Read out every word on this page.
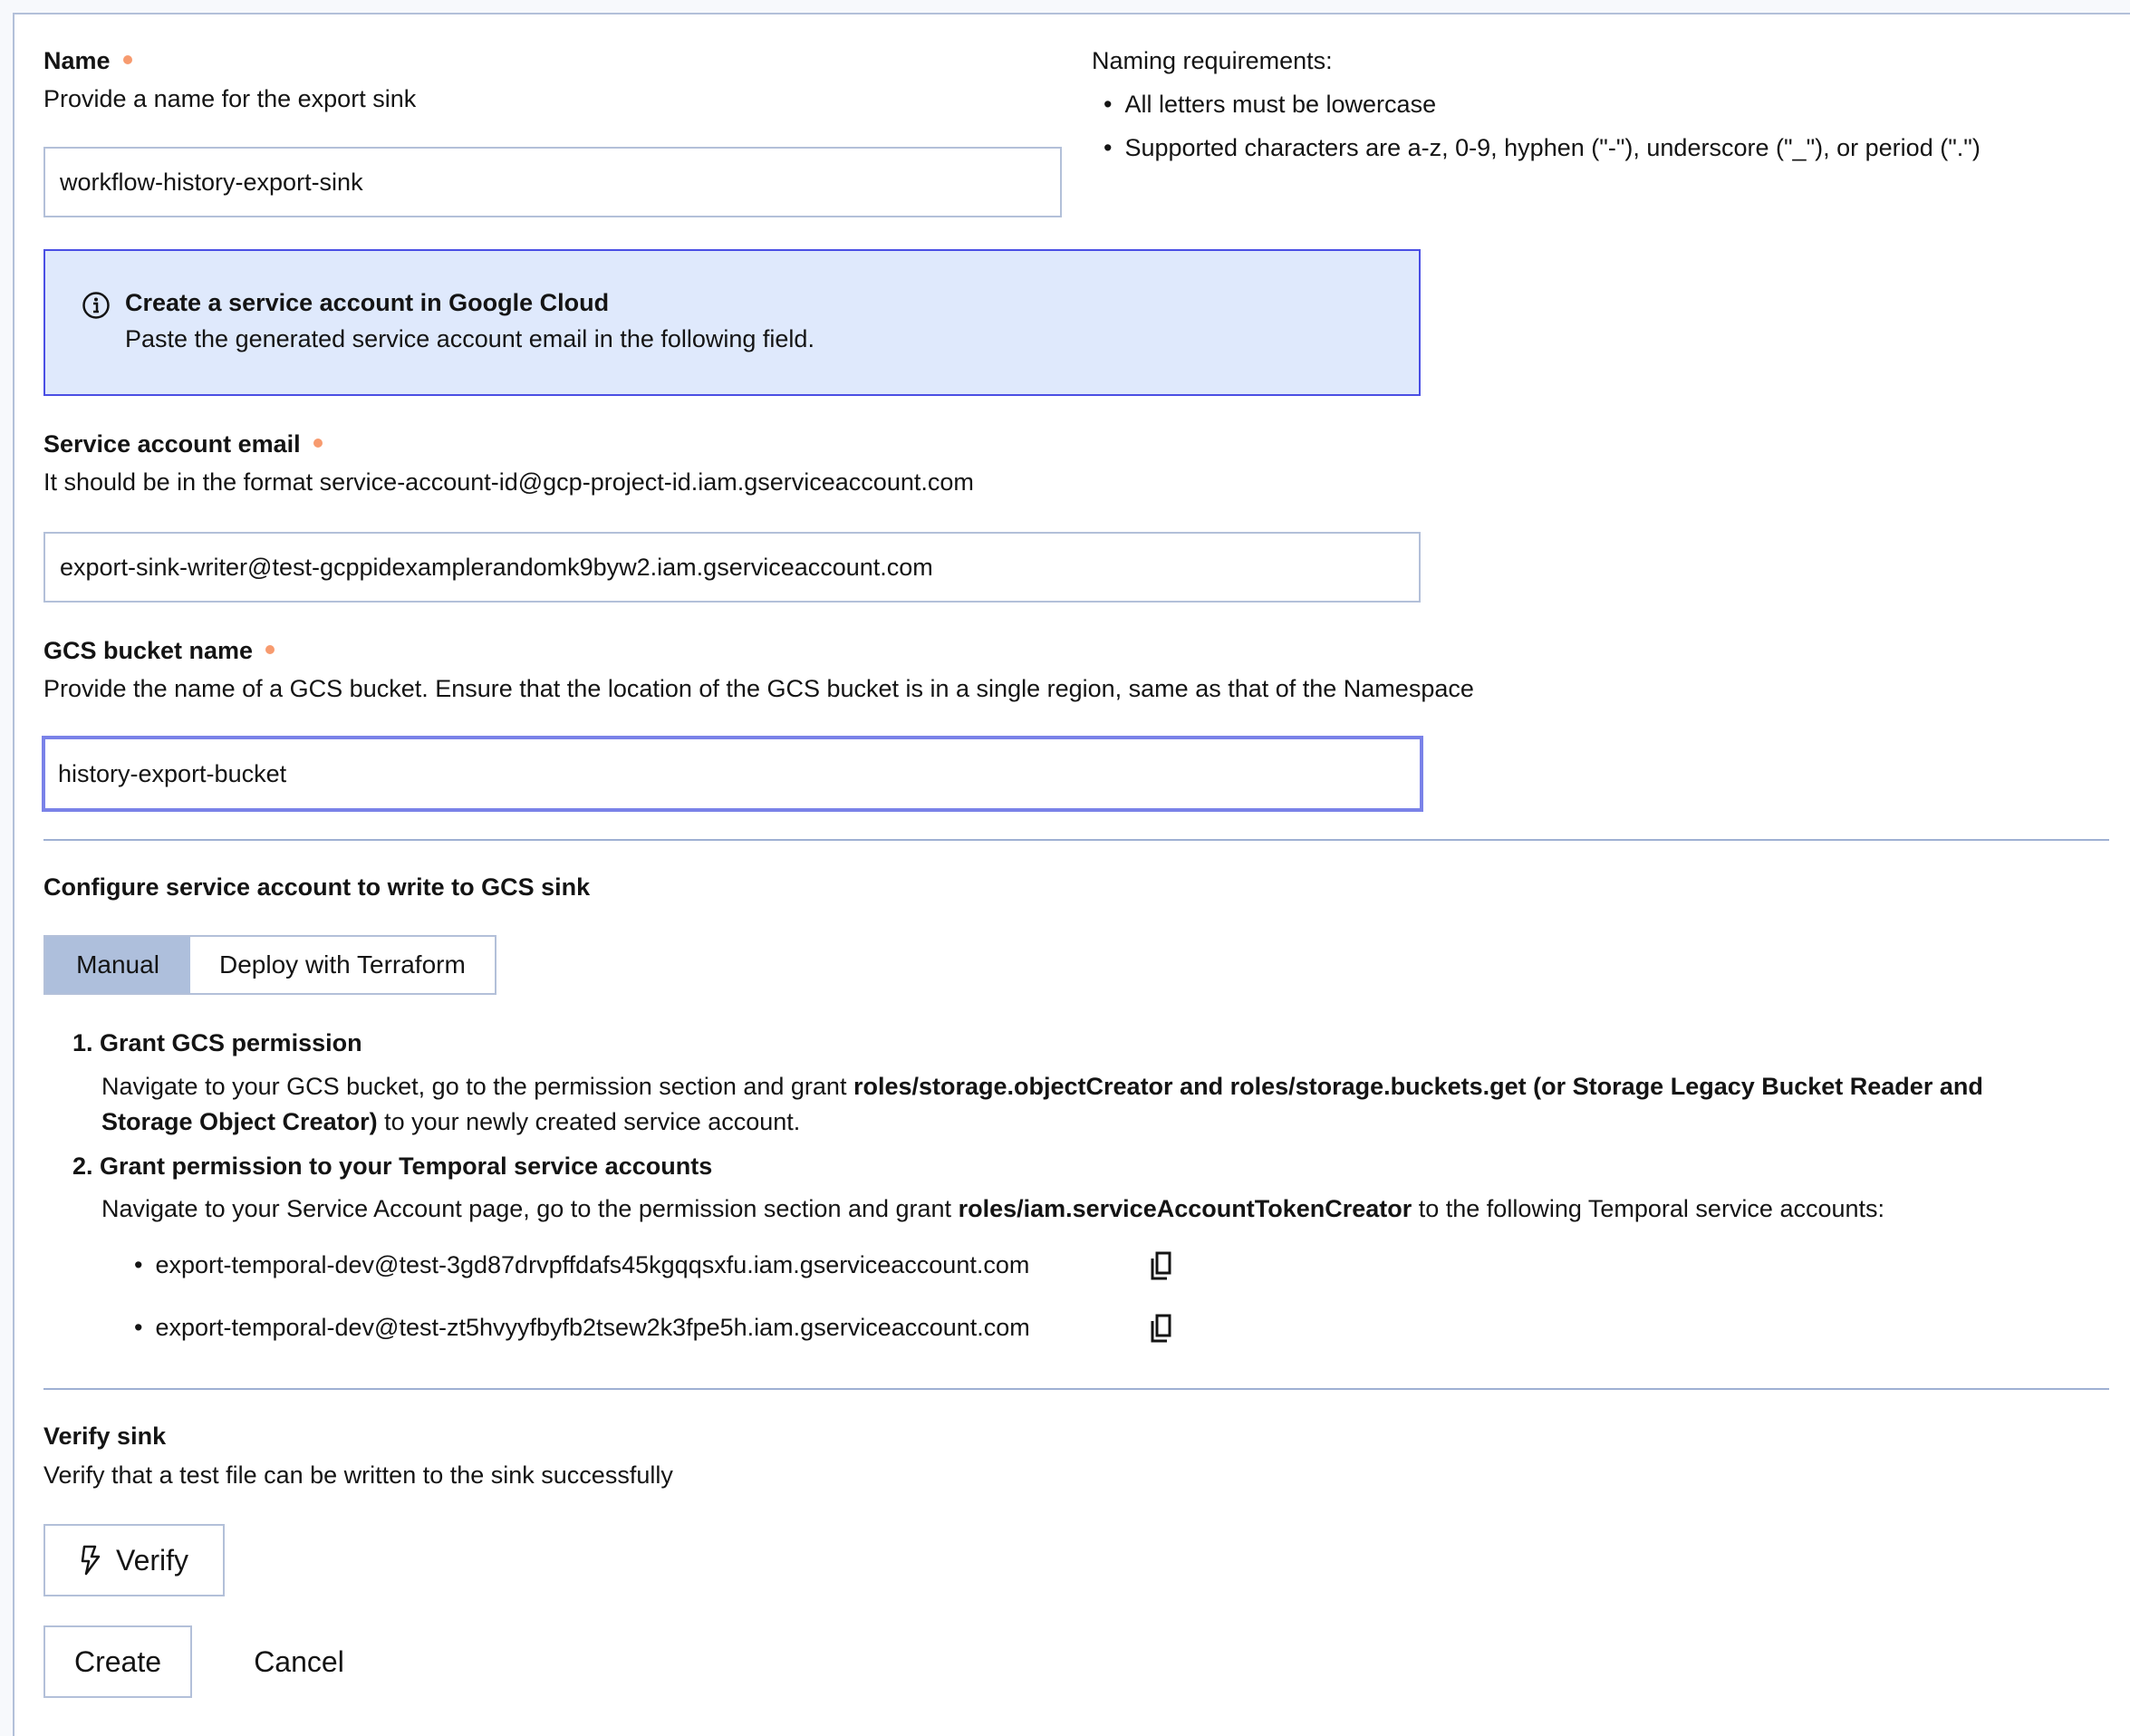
Name
Provide a name for the export sink
workflow-history-export-sink
Naming requirements:
• All letters must be lowercase
• Supported characters are a-z, 0-9, hyphen ("-"), underscore ("_"), or period (".")
Create a service account in Google Cloud
Paste the generated service account email in the following field.
Service account email
It should be in the format service-account-id@gcp-project-id.iam.gserviceaccount.com
export-sink-writer@test-gcppidexamplerandomk9byw2.iam.gserviceaccount.com
GCS bucket name
Provide the name of a GCS bucket. Ensure that the location of the GCS bucket is in a single region, same as that of the Namespace
history-export-bucket
Configure service account to write to GCS sink
Manual	Deploy with Terraform
1. Grant GCS permission
Navigate to your GCS bucket, go to the permission section and grant roles/storage.objectCreator and roles/storage.buckets.get (or Storage Legacy Bucket Reader and
Storage Object Creator) to your newly created service account.
2. Grant permission to your Temporal service accounts
Navigate to your Service Account page, go to the permission section and grant roles/iam.serviceAccountTokenCreator to the following Temporal service accounts:
• export-temporal-dev@test-3gd87drvpffdafs45kgqqsxfu.iam.gserviceaccount.com
• export-temporal-dev@test-zt5hvyyfbyfb2tsew2k3fpe5h.iam.gserviceaccount.com
Verify sink
Verify that a test file can be written to the sink successfully
Verify
Create	Cancel
